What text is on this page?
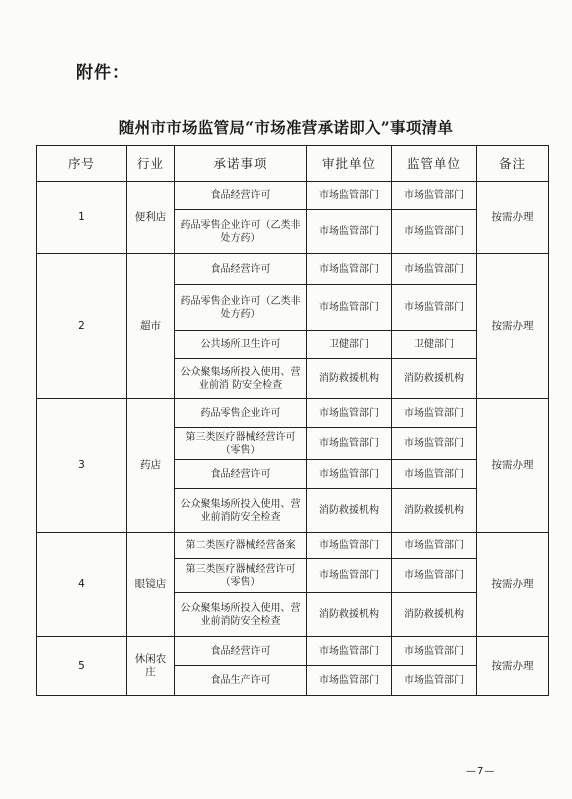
附件：
随州市市场监管局“市场准营承诺即入”事项清单
序号	行业	承诺事项	审批单位	监管单位	备注
1	便利店	食品经营许可	市场监管部门	市场监管部门	按需办理
		药品零售企业许可（乙类非处方药）	市场监管部门	市场监管部门	
2	超市	食品经营许可	市场监管部门	市场监管部门	按需办理
		药品零售企业许可（乙类非处方药）	市场监管部门	市场监管部门	
		公共场所卫生许可	卫健部门	卫健部门	
		公众聚集场所投入使用、营业前消 防安全检查	消防救援机构	消防救援机构	
3	药店	药品零售企业许可	市场监管部门	市场监管部门	按需办理
		第三类医疗器械经营许可（零售）	市场监管部门	市场监管部门	
		食品经营许可	市场监管部门	市场监管部门	
		公众聚集场所投入使用、营业前消防安全检查	消防救援机构	消防救援机构	
4	眼镜店	第二类医疗器械经营备案	市场监管部门	市场监管部门	按需办理
		第三类医疗器械经营许可（零售）	市场监管部门	市场监管部门	
		公众聚集场所投入使用、营业前消防安全检查	消防救援机构	消防救援机构	
5	休闲农庄	食品经营许可	市场监管部门	市场监管部门	按需办理
		食品生产许可	市场监管部门	市场监管部门	
—7—
